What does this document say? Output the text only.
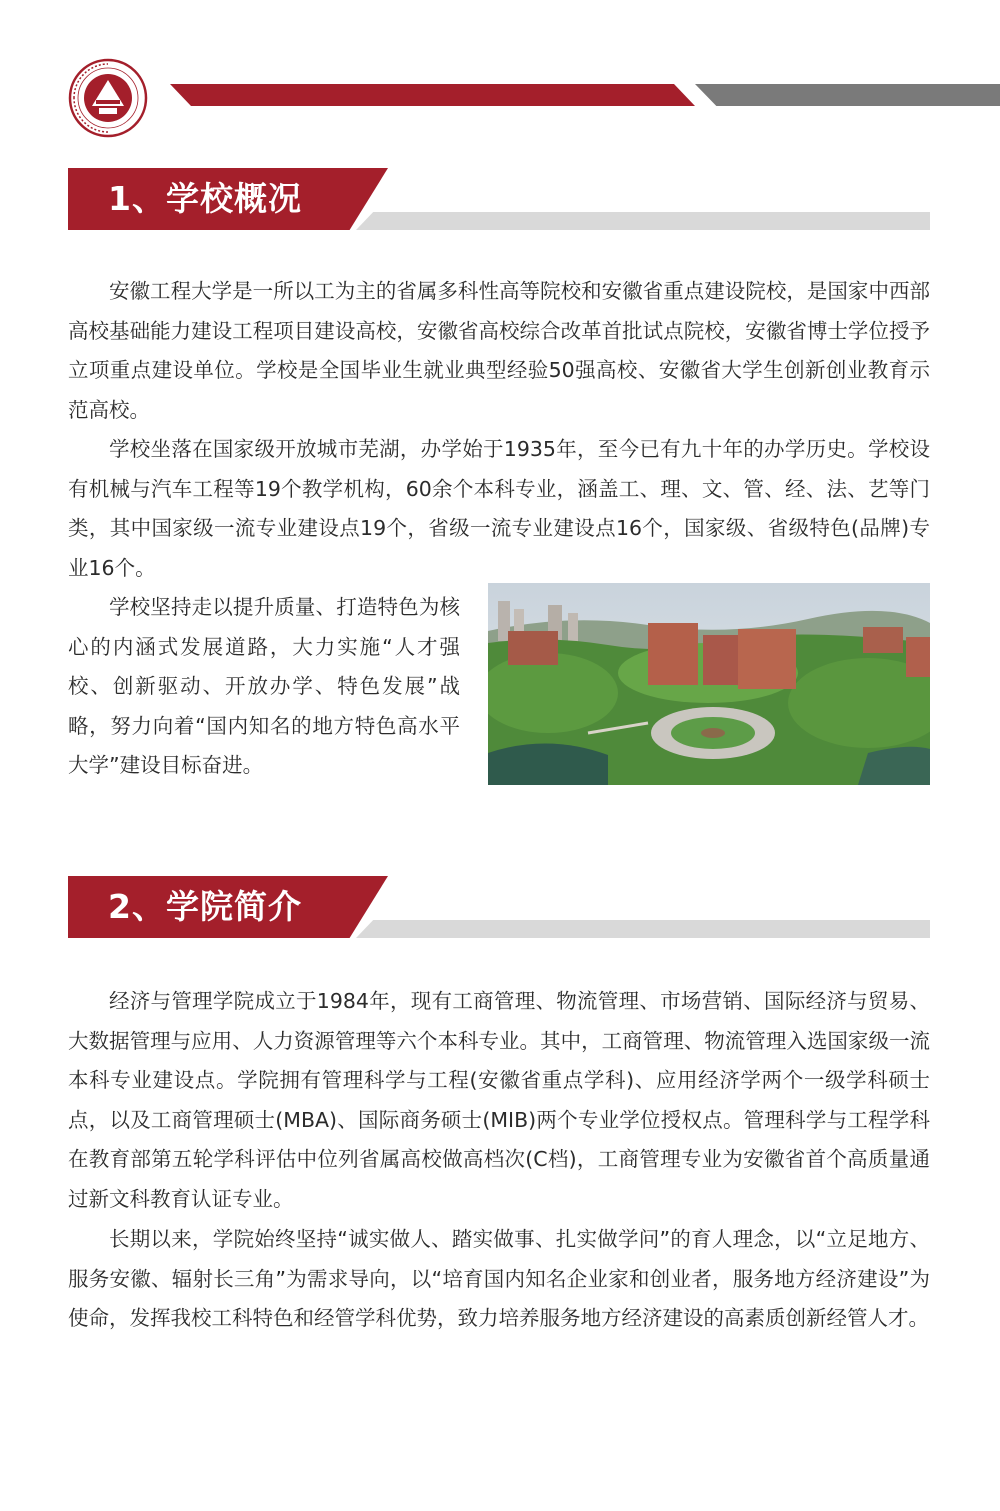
1、学校概况

安徽工程大学是一所以工为主的省属多科性高等院校和安徽省重点建设院校，是国家中西部高校基础能力建设工程项目建设高校，安徽省高校综合改革首批试点院校，安徽省博士学位授予立项重点建设单位。学校是全国毕业生就业典型经验50强高校、安徽省大学生创新创业教育示范高校。

学校坐落在国家级开放城市芜湖，办学始于1935年，至今已有九十年的办学历史。学校设有机械与汽车工程等19个教学机构，60余个本科专业，涵盖工、理、文、管、经、法、艺等门类，其中国家级一流专业建设点19个，省级一流专业建设点16个，国家级、省级特色(品牌)专业16个。

学校坚持走以提升质量、打造特色为核心的内涵式发展道路，大力实施“人才强校、创新驱动、开放办学、特色发展”战略，努力向着“国内知名的地方特色高水平大学”建设目标奋进。

2、学院简介

经济与管理学院成立于1984年，现有工商管理、物流管理、市场营销、国际经济与贸易、大数据管理与应用、人力资源管理等六个本科专业。其中，工商管理、物流管理入选国家级一流本科专业建设点。学院拥有管理科学与工程(安徽省重点学科)、应用经济学两个一级学科硕士点，以及工商管理硕士(MBA)、国际商务硕士(MIB)两个专业学位授权点。管理科学与工程学科在教育部第五轮学科评估中位列省属高校做高档次(C档)，工商管理专业为安徽省首个高质量通过新文科教育认证专业。

长期以来，学院始终坚持“诚实做人、踏实做事、扎实做学问”的育人理念，以“立足地方、服务安徽、辐射长三角”为需求导向，以“培育国内知名企业家和创业者，服务地方经济建设”为使命，发挥我校工科特色和经管学科优势，致力培养服务地方经济建设的高素质创新经管人才。
